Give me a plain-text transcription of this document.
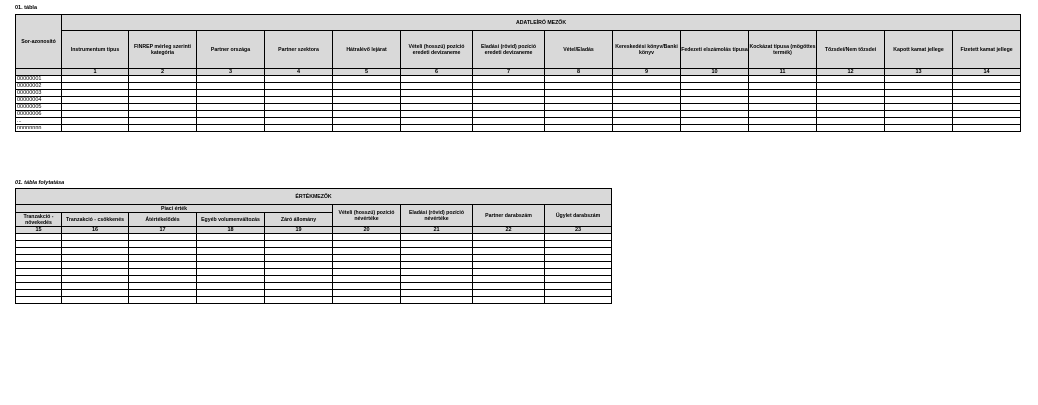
01. tábla
Sor-azonosító	ADATLEÍRÓ MEZŐK													
	Instrumentum típus	FINREP mérleg szerinti kategória	Partner országa	Partner szektora	Hátralévő lejárat	Vételi (hosszú) pozíció eredeti devizaneme	Eladási (rövid) pozíció eredeti devizaneme	Vétel/Eladás	Kereskedési könyv/Banki könyv	Fedezeti elszámolás típusa	Kockázat típusa (mögöttes termék)	Tőzsdei/Nem tőzsdei	Kapott kamat jellege	Fizetett kamat jellege
	1	2	3	4	5	6	7	8	9	10	11	12	13	14
00000001														
00000002														
00000003														
00000004														
00000005														
00000006														
...														
nnnnnnnn														
01. tábla folytatása
ÉRTÉKMEZŐK								
Piaci érték					Vételi (hosszú) pozíció névértéke	Eladási (rövid) pozíció névértéke	Partner darabszám	Ügylet darabszám
Tranzakció - növekedés	Tranzakció - csökkenés	Átértékelődés	Egyéb volumenváltozás	Záró állomány				
15	16	17	18	19	20	21	22	23
